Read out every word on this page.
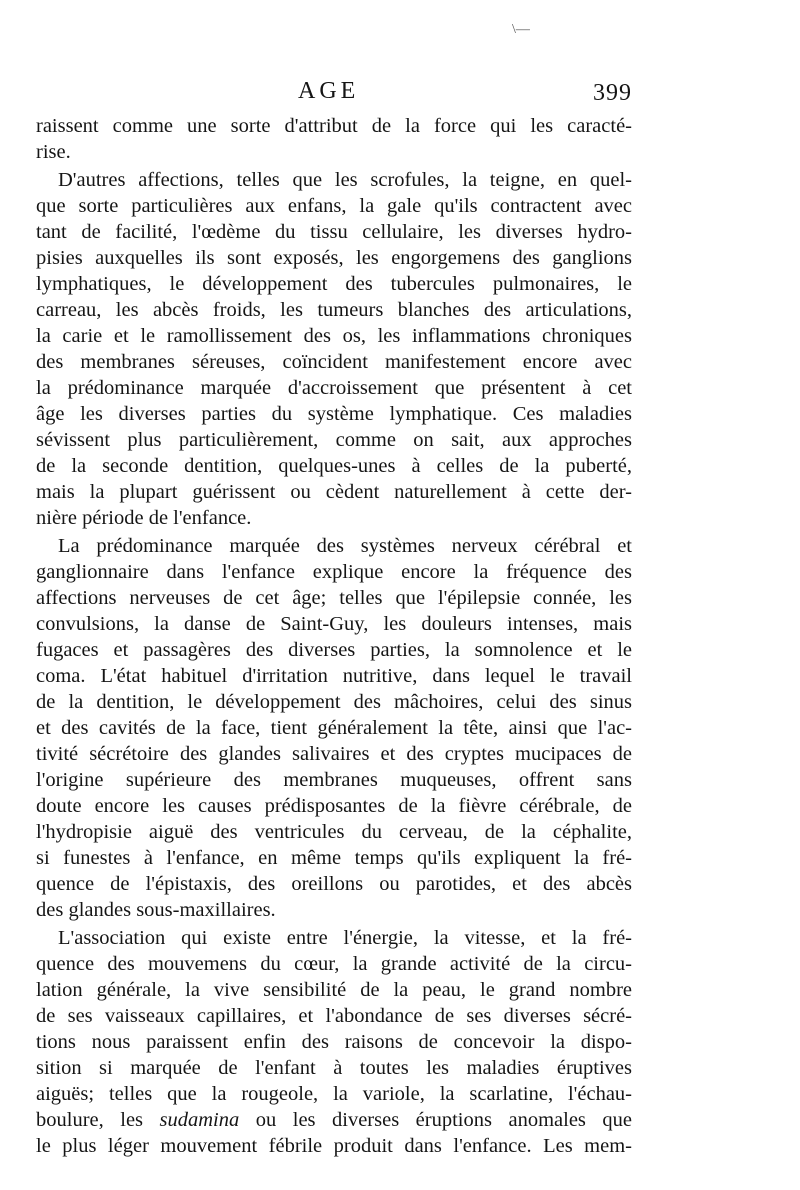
AGE	399
\—
raissent comme une sorte d'attribut de la force qui les caracté-
rise.
D'autres affections, telles que les scrofules, la teigne, en quel-
que sorte particulières aux enfans, la gale qu'ils contractent avec
tant de facilité, l'œdème du tissu cellulaire, les diverses hydro-
pisies auxquelles ils sont exposés, les engorgemens des ganglions
lymphatiques, le développement des tubercules pulmonaires, le
carreau, les abcès froids, les tumeurs blanches des articulations,
la carie et le ramollissement des os, les inflammations chroniques
des membranes séreuses, coïncident manifestement encore avec
la prédominance marquée d'accroissement que présentent à cet
âge les diverses parties du système lymphatique. Ces maladies
sévissent plus particulièrement, comme on sait, aux approches
de la seconde dentition, quelques-unes à celles de la puberté,
mais la plupart guérissent ou cèdent naturellement à cette der-
nière période de l'enfance.
La prédominance marquée des systèmes nerveux cérébral et
ganglionnaire dans l'enfance explique encore la fréquence des
affections nerveuses de cet âge; telles que l'épilepsie connée, les
convulsions, la danse de Saint-Guy, les douleurs intenses, mais
fugaces et passagères des diverses parties, la somnolence et le
coma. L'état habituel d'irritation nutritive, dans lequel le travail
de la dentition, le développement des mâchoires, celui des sinus
et des cavités de la face, tient généralement la tête, ainsi que l'ac-
tivité sécrétoire des glandes salivaires et des cryptes mucipaces de
l'origine supérieure des membranes muqueuses, offrent sans
doute encore les causes prédisposantes de la fièvre cérébrale, de
l'hydropisie aiguë des ventricules du cerveau, de la céphalite,
si funestes à l'enfance, en même temps qu'ils expliquent la fré-
quence de l'épistaxis, des oreillons ou parotides, et des abcès
des glandes sous-maxillaires.
L'association qui existe entre l'énergie, la vitesse, et la fré-
quence des mouvemens du cœur, la grande activité de la circu-
lation générale, la vive sensibilité de la peau, le grand nombre
de ses vaisseaux capillaires, et l'abondance de ses diverses sécré-
tions nous paraissent enfin des raisons de concevoir la dispo-
sition si marquée de l'enfant à toutes les maladies éruptives
aiguës; telles que la rougeole, la variole, la scarlatine, l'échau-
boulure, les sudamina ou les diverses éruptions anomales que
le plus léger mouvement fébrile produit dans l'enfance. Les mem-
